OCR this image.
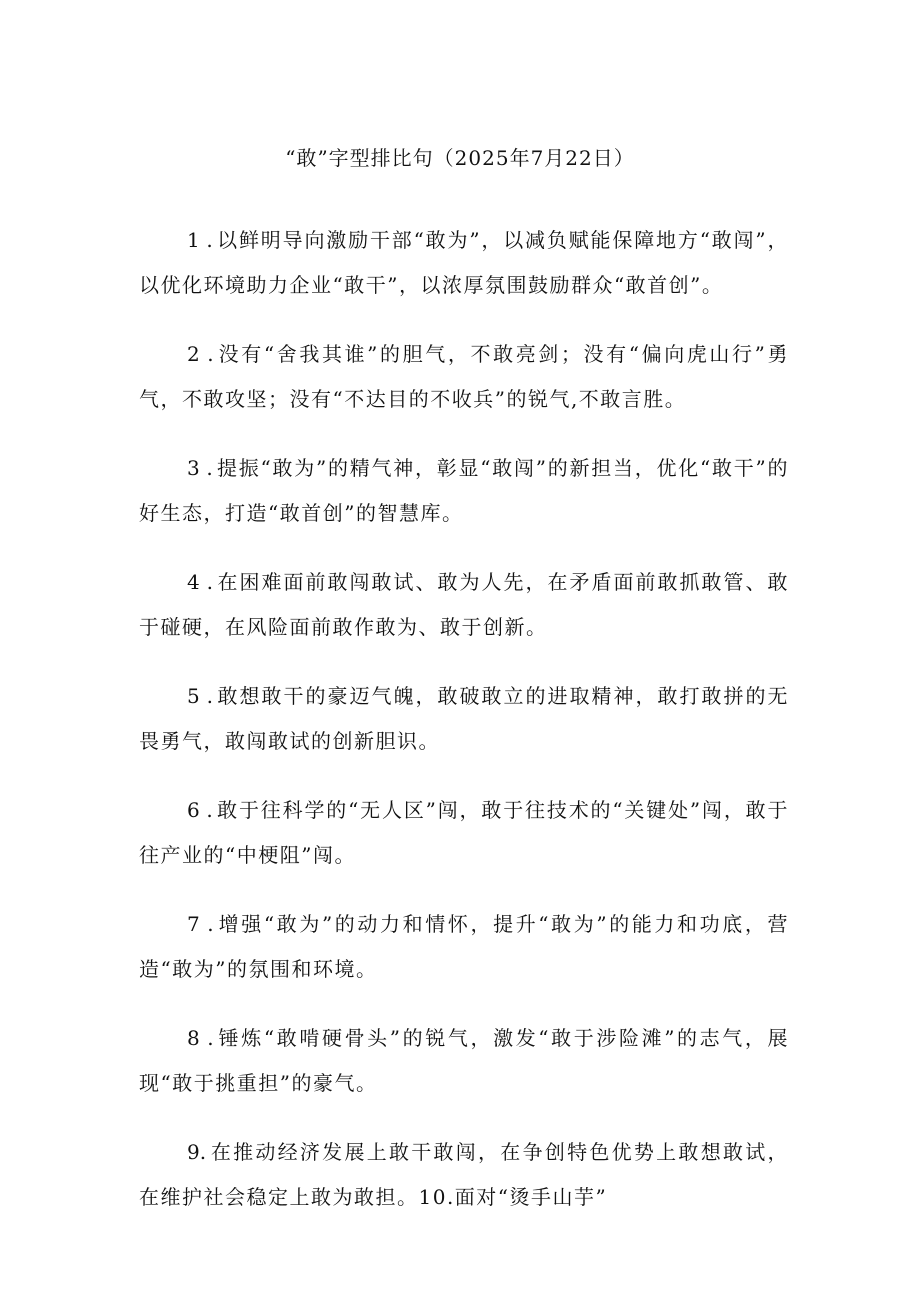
“敢”字型排比句（2025年7月22日）

1 . 以鲜明导向激励干部“敢为”，以减负赋能保障地方“敢闯”，以优化环境助力企业“敢干”，以浓厚氛围鼓励群众“敢首创”。

2 . 没有“舍我其谁”的胆气，不敢亮剑；没有“偏向虎山行”勇气，不敢攻坚；没有“不达目的不收兵”的锐气,不敢言胜。

3 . 提振“敢为”的精气神，彰显“敢闯”的新担当，优化“敢干”的好生态，打造“敢首创”的智慧库。

4 . 在困难面前敢闯敢试、敢为人先，在矛盾面前敢抓敢管、敢于碰硬，在风险面前敢作敢为、敢于创新。

5 . 敢想敢干的豪迈气魄，敢破敢立的进取精神，敢打敢拼的无畏勇气，敢闯敢试的创新胆识。

6 . 敢于往科学的“无人区”闯，敢于往技术的“关键处”闯，敢于往产业的“中梗阻”闯。

7 . 增强“敢为”的动力和情怀，提升“敢为”的能力和功底，营造“敢为”的氛围和环境。

8 . 锤炼“敢啃硬骨头”的锐气，激发“敢于涉险滩”的志气，展现“敢于挑重担”的豪气。

9. 在推动经济发展上敢干敢闯，在争创特色优势上敢想敢试，在维护社会稳定上敢为敢担。10.面对“烫手山芋”
